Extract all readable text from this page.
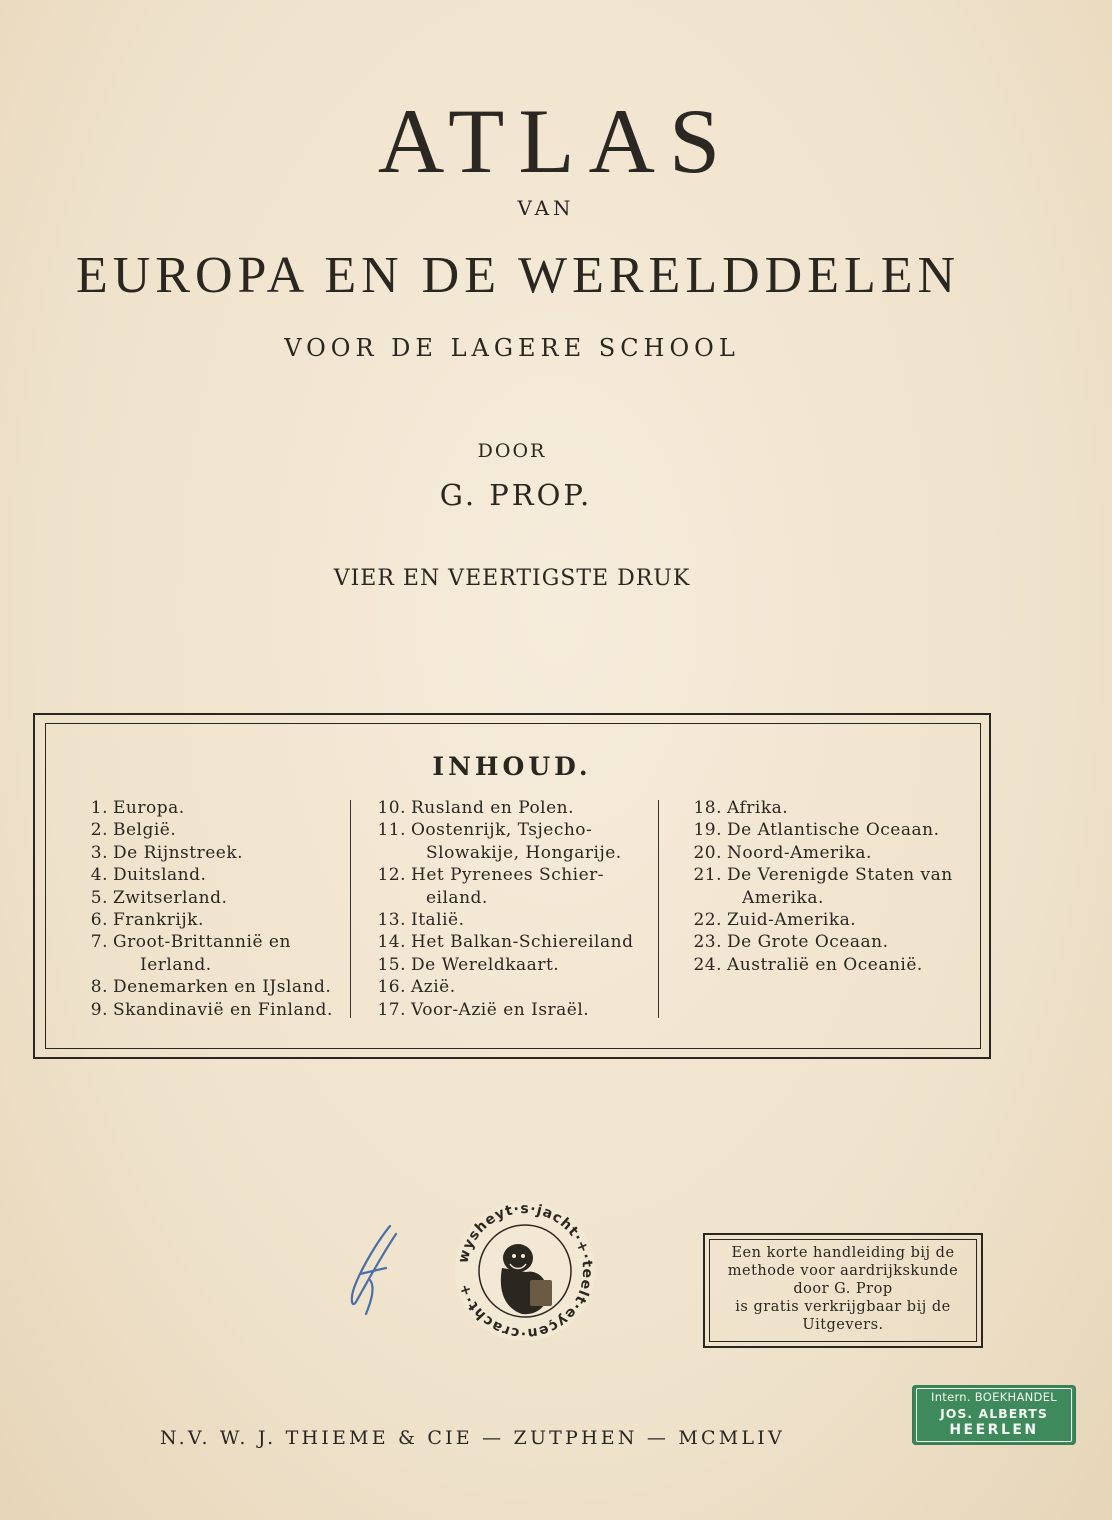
ATLAS
VAN
EUROPA EN DE WERELDDELEN
VOOR DE LAGERE SCHOOL
DOOR
G. PROP.
VIER EN VEERTIGSTE DRUK
INHOUD.
1. Europa.
2. België.
3. De Rijnstreek.
4. Duitsland.
5. Zwitserland.
6. Frankrijk.
7. Groot-Brittannië en
Ierland.
8. Denemarken en IJsland.
9. Skandinavië en Finland.
10. Rusland en Polen.
11. Oostenrijk, Tsjecho-
Slowakije, Hongarije.
12. Het Pyrenees Schier-
eiland.
13. Italië.
14. Het Balkan-Schiereiland
15. De Wereldkaart.
16. Azië.
17. Voor-Azië en Israël.
18. Afrika.
19. De Atlantische Oceaan.
20. Noord-Amerika.
21. De Verenigde Staten van
Amerika.
22. Zuid-Amerika.
23. De Grote Oceaan.
24. Australië en Oceanië.
wysheyt·s·jacht·+·teelt·eyçen·cracht·+
Een korte handleiding bij de
methode voor aardrijkskunde
door G. Prop
is gratis verkrijgbaar bij de
Uitgevers.
N.V. W. J. THIEME & CIE — ZUTPHEN — MCMLIV
Intern. BOEKHANDEL
JOS. ALBERTS
HEERLEN
